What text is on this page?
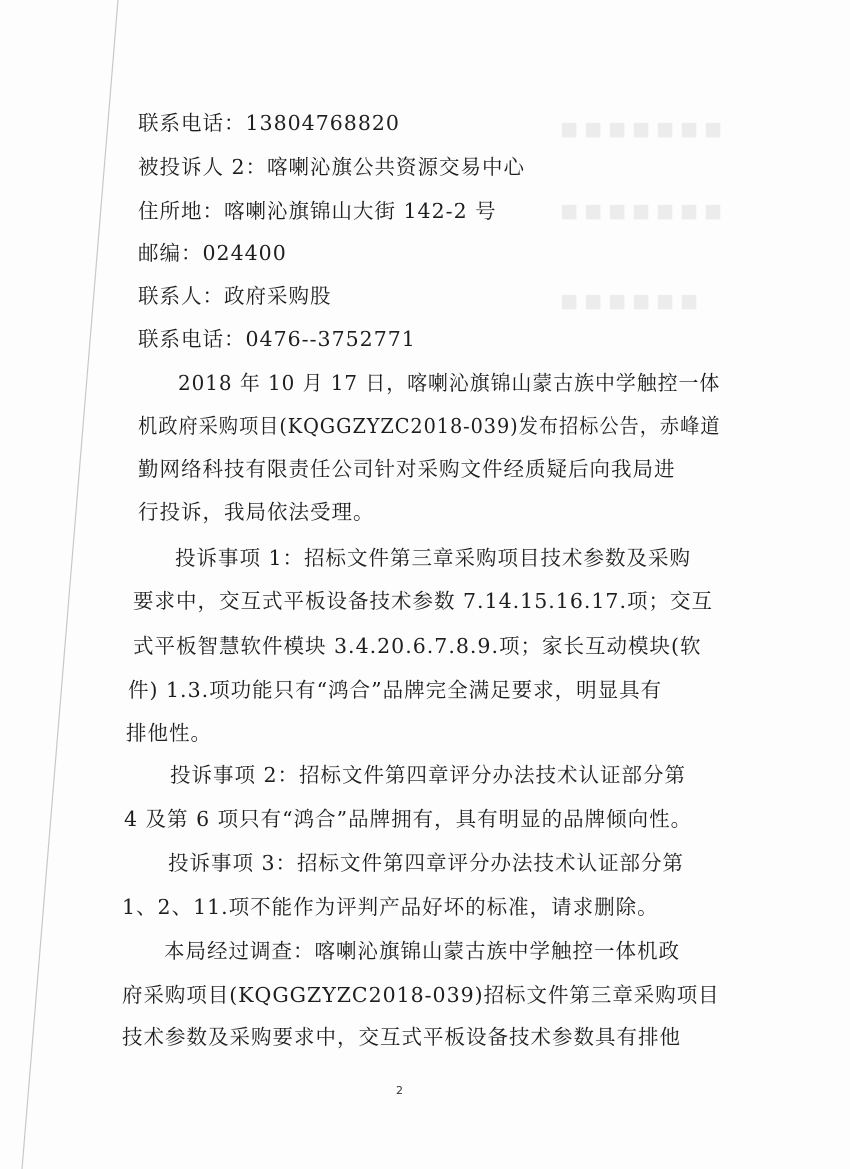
■ ■ ■ ■ ■ ■ ■
■ ■ ■ ■ ■ ■ ■
■ ■ ■ ■ ■ ■
联系电话：13804768820
被投诉人 2：喀喇沁旗公共资源交易中心
住所地：喀喇沁旗锦山大街 142-2 号
邮编：024400
联系人：政府采购股
联系电话：0476--3752771
2018 年 10 月 17 日，喀喇沁旗锦山蒙古族中学触控一体
机政府采购项目(KQGGZYZC2018-039)发布招标公告，赤峰道
勤网络科技有限责任公司针对采购文件经质疑后向我局进
行投诉，我局依法受理。
投诉事项 1：招标文件第三章采购项目技术参数及采购
要求中，交互式平板设备技术参数 7.14.15.16.17.项；交互
式平板智慧软件模块 3.4.20.6.7.8.9.项；家长互动模块(软
件) 1.3.项功能只有“鸿合”品牌完全满足要求，明显具有
排他性。
投诉事项 2：招标文件第四章评分办法技术认证部分第
4 及第 6 项只有“鸿合”品牌拥有，具有明显的品牌倾向性。
投诉事项 3：招标文件第四章评分办法技术认证部分第
1、2、11.项不能作为评判产品好坏的标准，请求删除。
本局经过调查：喀喇沁旗锦山蒙古族中学触控一体机政
府采购项目(KQGGZYZC2018-039)招标文件第三章采购项目
技术参数及采购要求中，交互式平板设备技术参数具有排他
2
